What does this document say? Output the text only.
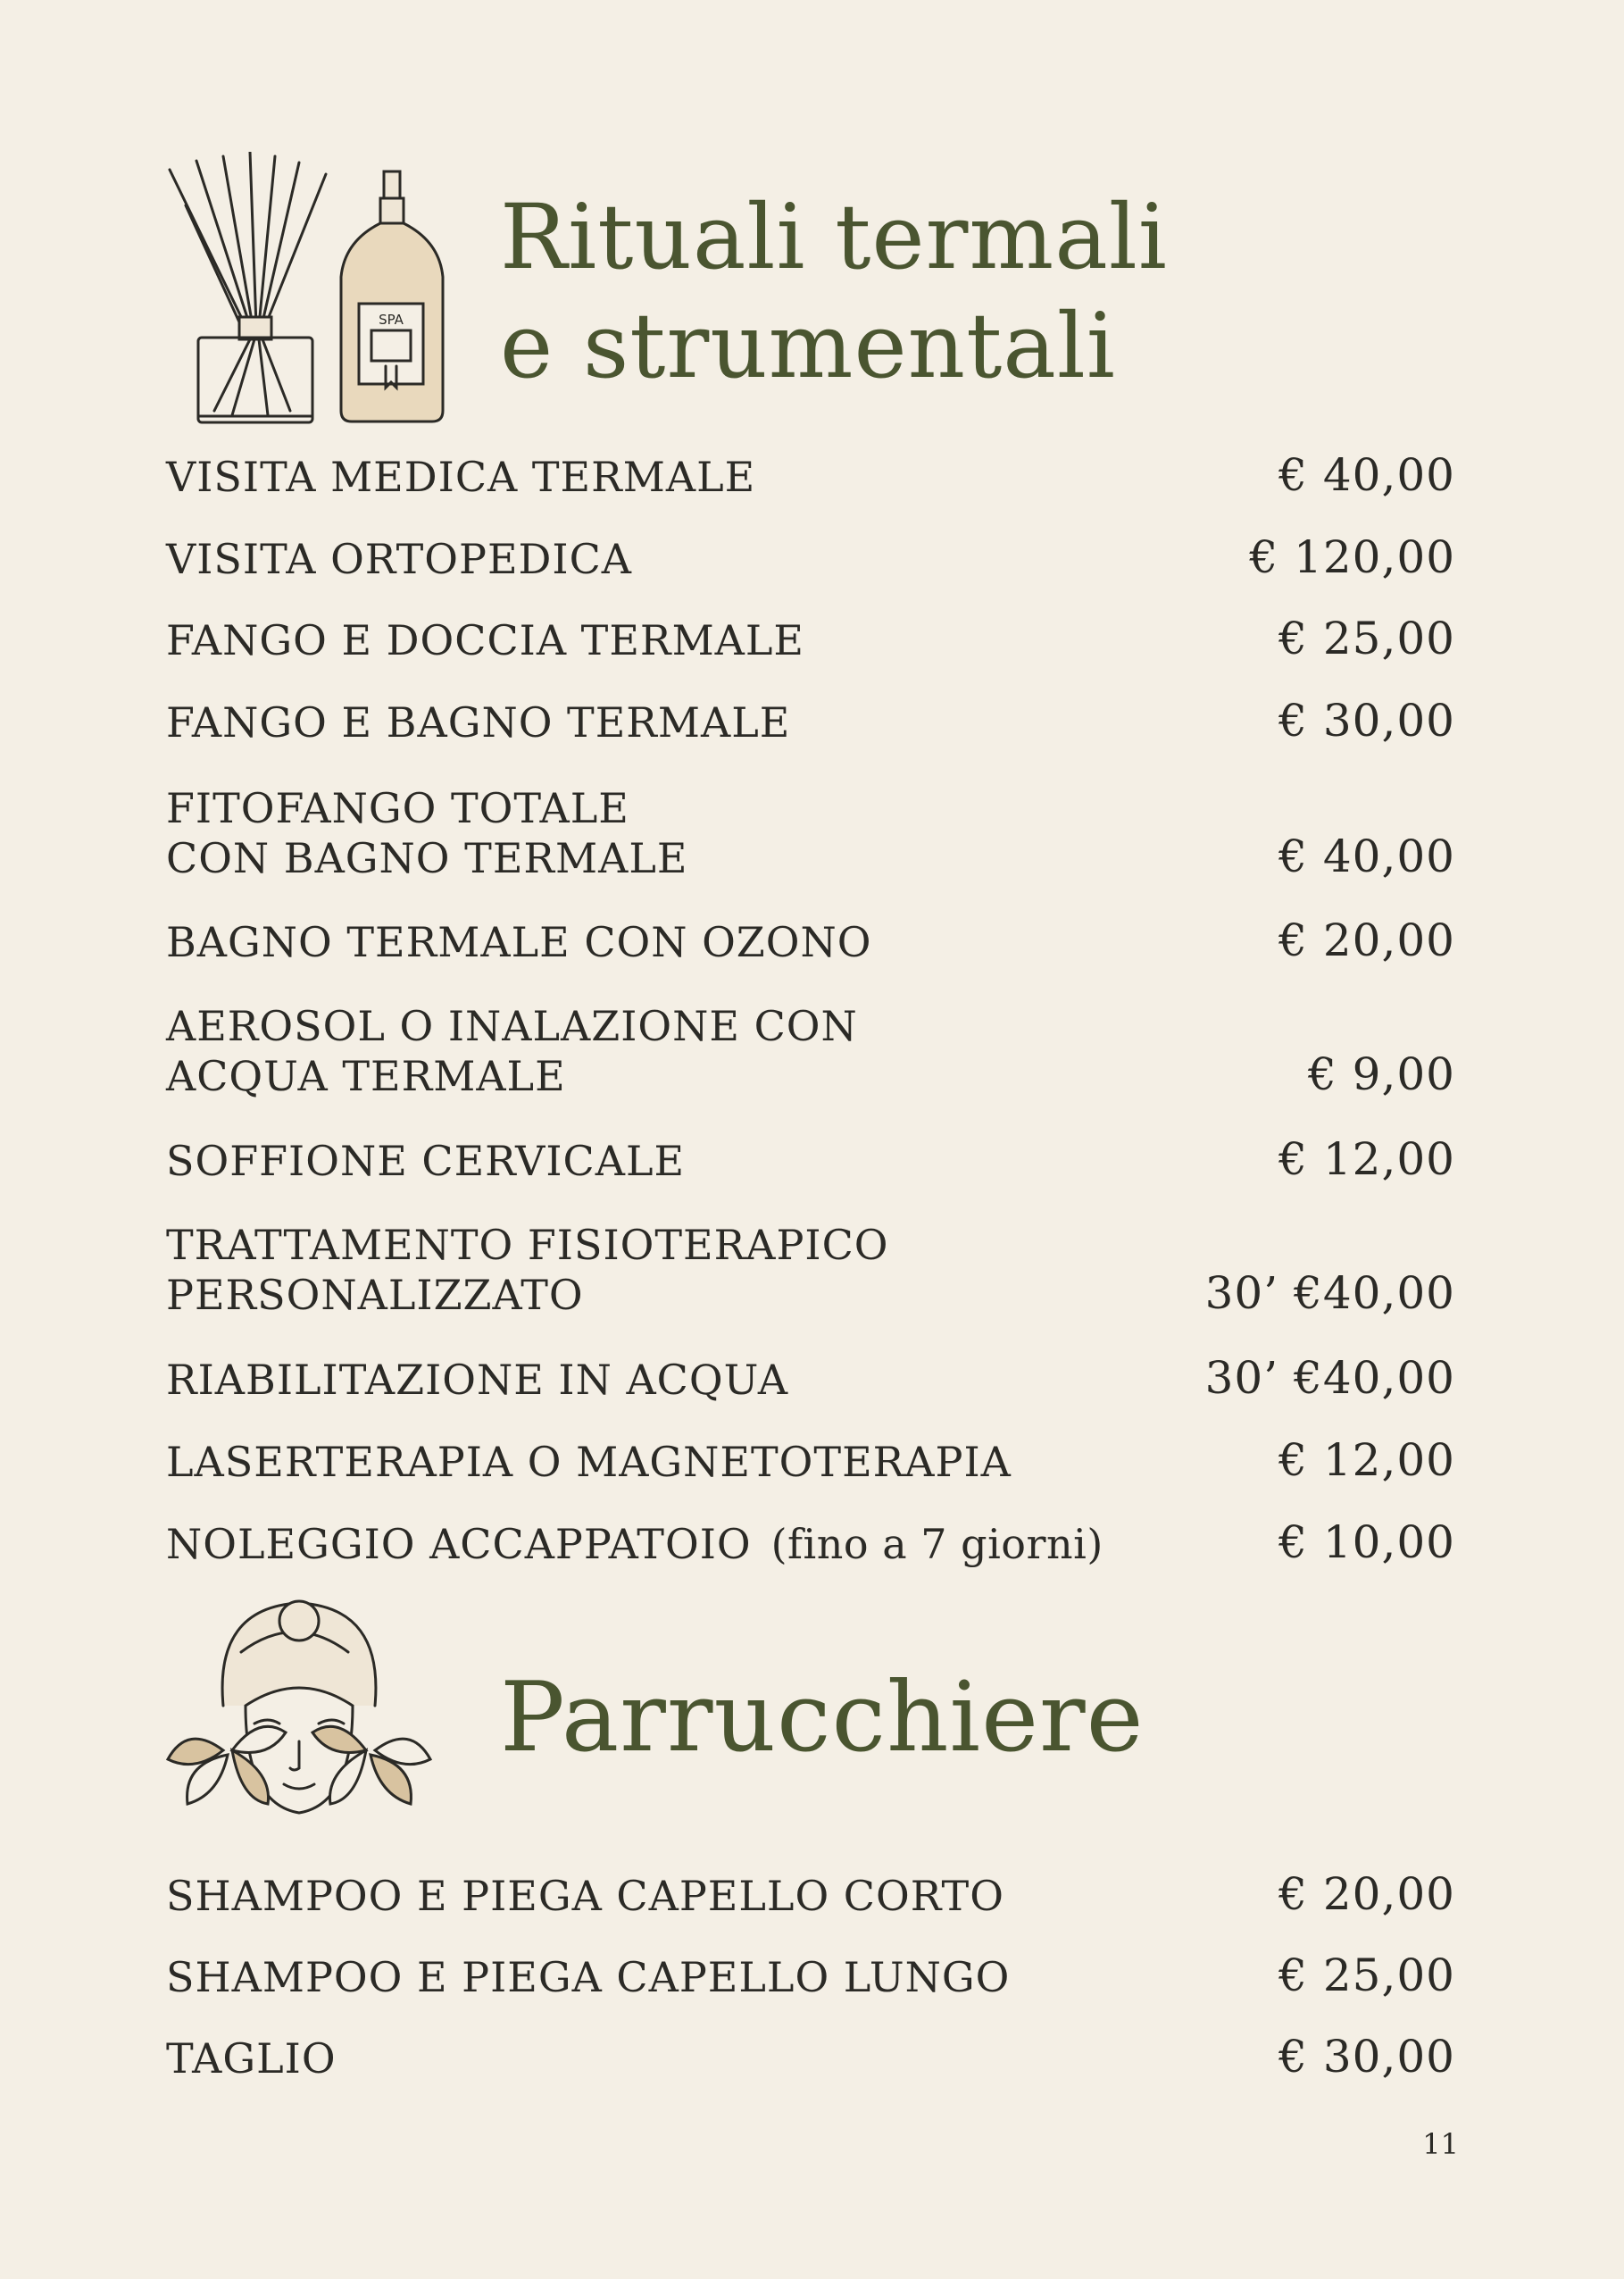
SPA
Rituali termali
e strumentali
VISITA MEDICA TERMALE	€ 40,00
VISITA ORTOPEDICA	€ 120,00
FANGO E DOCCIA TERMALE	€ 25,00
FANGO E BAGNO TERMALE	€ 30,00
FITOFANGO TOTALE
CON BAGNO TERMALE	€ 40,00
BAGNO TERMALE CON OZONO	€ 20,00
AEROSOL O INALAZIONE CON
ACQUA TERMALE	€ 9,00
SOFFIONE CERVICALE	€ 12,00
TRATTAMENTO FISIOTERAPICO
PERSONALIZZATO	30’ €40,00
RIABILITAZIONE IN ACQUA	30’ €40,00
LASERTERAPIA O MAGNETOTERAPIA	€ 12,00
NOLEGGIO ACCAPPATOIO (fino a 7 giorni)	€ 10,00
Parrucchiere
SHAMPOO E PIEGA CAPELLO CORTO	€ 20,00
SHAMPOO E PIEGA CAPELLO LUNGO	€ 25,00
TAGLIO	€ 30,00
11
